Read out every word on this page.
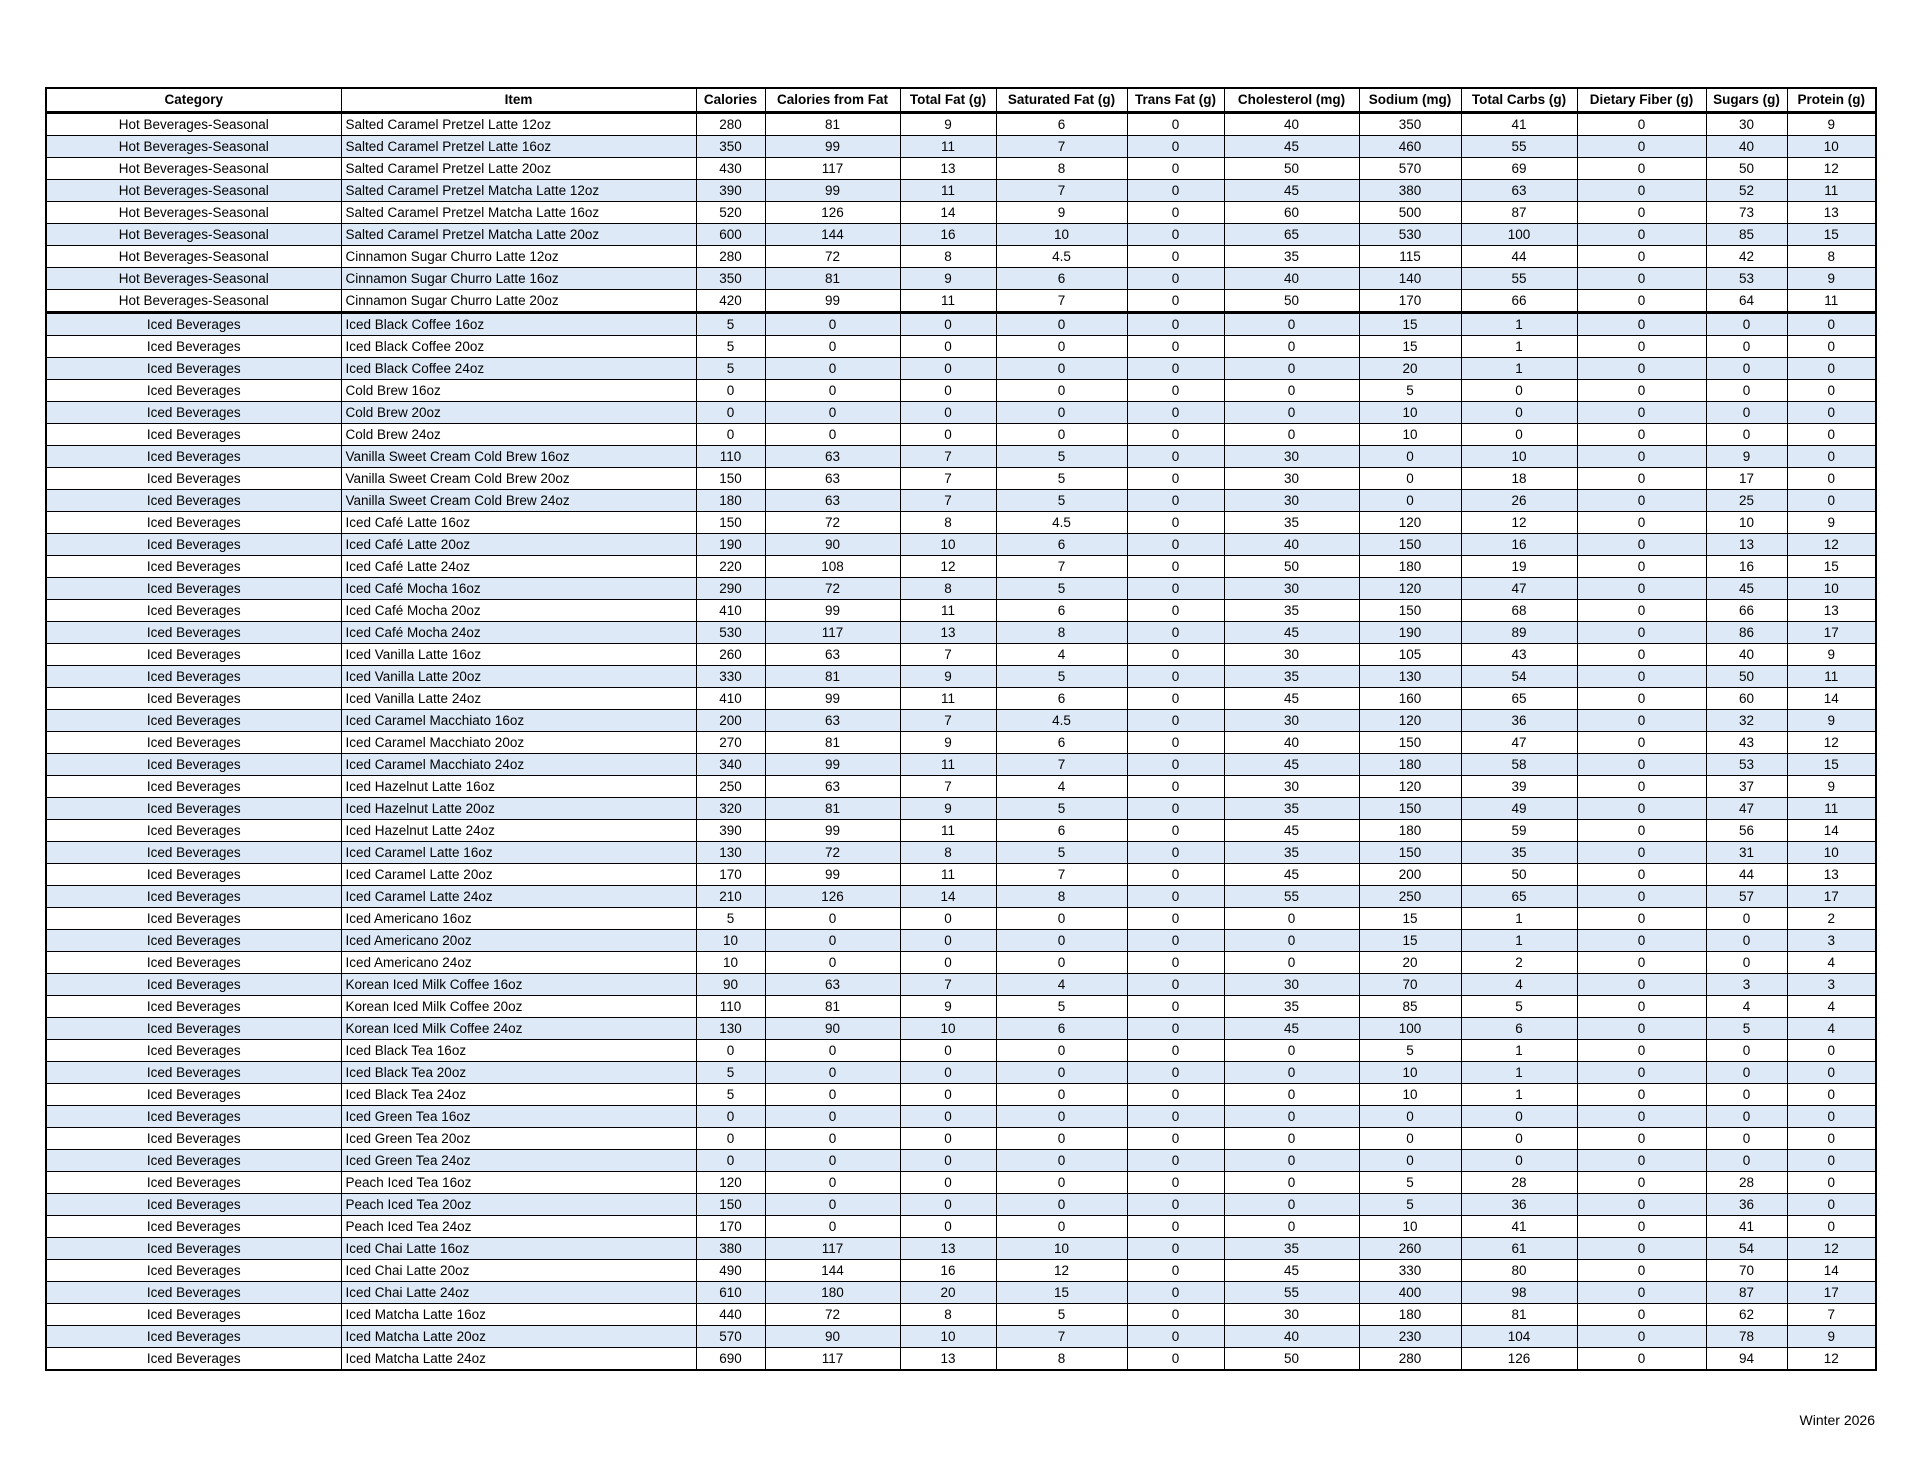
Category	Item	Calories	Calories from Fat	Total Fat (g)	Saturated Fat (g)	Trans Fat (g)	Cholesterol (mg)	Sodium (mg)	Total Carbs (g)	Dietary Fiber (g)	Sugars (g)	Protein (g)
Hot Beverages-Seasonal	Salted Caramel Pretzel Latte 12oz	280	81	9	6	0	40	350	41	0	30	9
Hot Beverages-Seasonal	Salted Caramel Pretzel Latte 16oz	350	99	11	7	0	45	460	55	0	40	10
Hot Beverages-Seasonal	Salted Caramel Pretzel Latte 20oz	430	117	13	8	0	50	570	69	0	50	12
Hot Beverages-Seasonal	Salted Caramel Pretzel Matcha Latte 12oz	390	99	11	7	0	45	380	63	0	52	11
Hot Beverages-Seasonal	Salted Caramel Pretzel Matcha Latte 16oz	520	126	14	9	0	60	500	87	0	73	13
Hot Beverages-Seasonal	Salted Caramel Pretzel Matcha Latte 20oz	600	144	16	10	0	65	530	100	0	85	15
Hot Beverages-Seasonal	Cinnamon Sugar Churro Latte 12oz	280	72	8	4.5	0	35	115	44	0	42	8
Hot Beverages-Seasonal	Cinnamon Sugar Churro Latte 16oz	350	81	9	6	0	40	140	55	0	53	9
Hot Beverages-Seasonal	Cinnamon Sugar Churro Latte 20oz	420	99	11	7	0	50	170	66	0	64	11
Iced Beverages	Iced Black Coffee 16oz	5	0	0	0	0	0	15	1	0	0	0
Iced Beverages	Iced Black Coffee 20oz	5	0	0	0	0	0	15	1	0	0	0
Iced Beverages	Iced Black Coffee 24oz	5	0	0	0	0	0	20	1	0	0	0
Iced Beverages	Cold Brew 16oz	0	0	0	0	0	0	5	0	0	0	0
Iced Beverages	Cold Brew 20oz	0	0	0	0	0	0	10	0	0	0	0
Iced Beverages	Cold Brew 24oz	0	0	0	0	0	0	10	0	0	0	0
Iced Beverages	Vanilla Sweet Cream Cold Brew 16oz	110	63	7	5	0	30	0	10	0	9	0
Iced Beverages	Vanilla Sweet Cream Cold Brew 20oz	150	63	7	5	0	30	0	18	0	17	0
Iced Beverages	Vanilla Sweet Cream Cold Brew 24oz	180	63	7	5	0	30	0	26	0	25	0
Iced Beverages	Iced Café Latte 16oz	150	72	8	4.5	0	35	120	12	0	10	9
Iced Beverages	Iced Café Latte 20oz	190	90	10	6	0	40	150	16	0	13	12
Iced Beverages	Iced Café Latte 24oz	220	108	12	7	0	50	180	19	0	16	15
Iced Beverages	Iced Café Mocha 16oz	290	72	8	5	0	30	120	47	0	45	10
Iced Beverages	Iced Café Mocha 20oz	410	99	11	6	0	35	150	68	0	66	13
Iced Beverages	Iced Café Mocha 24oz	530	117	13	8	0	45	190	89	0	86	17
Iced Beverages	Iced Vanilla Latte 16oz	260	63	7	4	0	30	105	43	0	40	9
Iced Beverages	Iced Vanilla Latte 20oz	330	81	9	5	0	35	130	54	0	50	11
Iced Beverages	Iced Vanilla Latte 24oz	410	99	11	6	0	45	160	65	0	60	14
Iced Beverages	Iced Caramel Macchiato 16oz	200	63	7	4.5	0	30	120	36	0	32	9
Iced Beverages	Iced Caramel Macchiato 20oz	270	81	9	6	0	40	150	47	0	43	12
Iced Beverages	Iced Caramel Macchiato 24oz	340	99	11	7	0	45	180	58	0	53	15
Iced Beverages	Iced Hazelnut Latte 16oz	250	63	7	4	0	30	120	39	0	37	9
Iced Beverages	Iced Hazelnut Latte 20oz	320	81	9	5	0	35	150	49	0	47	11
Iced Beverages	Iced Hazelnut Latte 24oz	390	99	11	6	0	45	180	59	0	56	14
Iced Beverages	Iced Caramel Latte 16oz	130	72	8	5	0	35	150	35	0	31	10
Iced Beverages	Iced Caramel Latte 20oz	170	99	11	7	0	45	200	50	0	44	13
Iced Beverages	Iced Caramel Latte 24oz	210	126	14	8	0	55	250	65	0	57	17
Iced Beverages	Iced Americano 16oz	5	0	0	0	0	0	15	1	0	0	2
Iced Beverages	Iced Americano 20oz	10	0	0	0	0	0	15	1	0	0	3
Iced Beverages	Iced Americano 24oz	10	0	0	0	0	0	20	2	0	0	4
Iced Beverages	Korean Iced Milk Coffee 16oz	90	63	7	4	0	30	70	4	0	3	3
Iced Beverages	Korean Iced Milk Coffee 20oz	110	81	9	5	0	35	85	5	0	4	4
Iced Beverages	Korean Iced Milk Coffee 24oz	130	90	10	6	0	45	100	6	0	5	4
Iced Beverages	Iced Black Tea 16oz	0	0	0	0	0	0	5	1	0	0	0
Iced Beverages	Iced Black Tea 20oz	5	0	0	0	0	0	10	1	0	0	0
Iced Beverages	Iced Black Tea 24oz	5	0	0	0	0	0	10	1	0	0	0
Iced Beverages	Iced Green Tea 16oz	0	0	0	0	0	0	0	0	0	0	0
Iced Beverages	Iced Green Tea 20oz	0	0	0	0	0	0	0	0	0	0	0
Iced Beverages	Iced Green Tea 24oz	0	0	0	0	0	0	0	0	0	0	0
Iced Beverages	Peach Iced Tea 16oz	120	0	0	0	0	0	5	28	0	28	0
Iced Beverages	Peach Iced Tea 20oz	150	0	0	0	0	0	5	36	0	36	0
Iced Beverages	Peach Iced Tea 24oz	170	0	0	0	0	0	10	41	0	41	0
Iced Beverages	Iced Chai Latte 16oz	380	117	13	10	0	35	260	61	0	54	12
Iced Beverages	Iced Chai Latte 20oz	490	144	16	12	0	45	330	80	0	70	14
Iced Beverages	Iced Chai Latte 24oz	610	180	20	15	0	55	400	98	0	87	17
Iced Beverages	Iced Matcha Latte 16oz	440	72	8	5	0	30	180	81	0	62	7
Iced Beverages	Iced Matcha Latte 20oz	570	90	10	7	0	40	230	104	0	78	9
Iced Beverages	Iced Matcha Latte 24oz	690	117	13	8	0	50	280	126	0	94	12
Winter 2026
